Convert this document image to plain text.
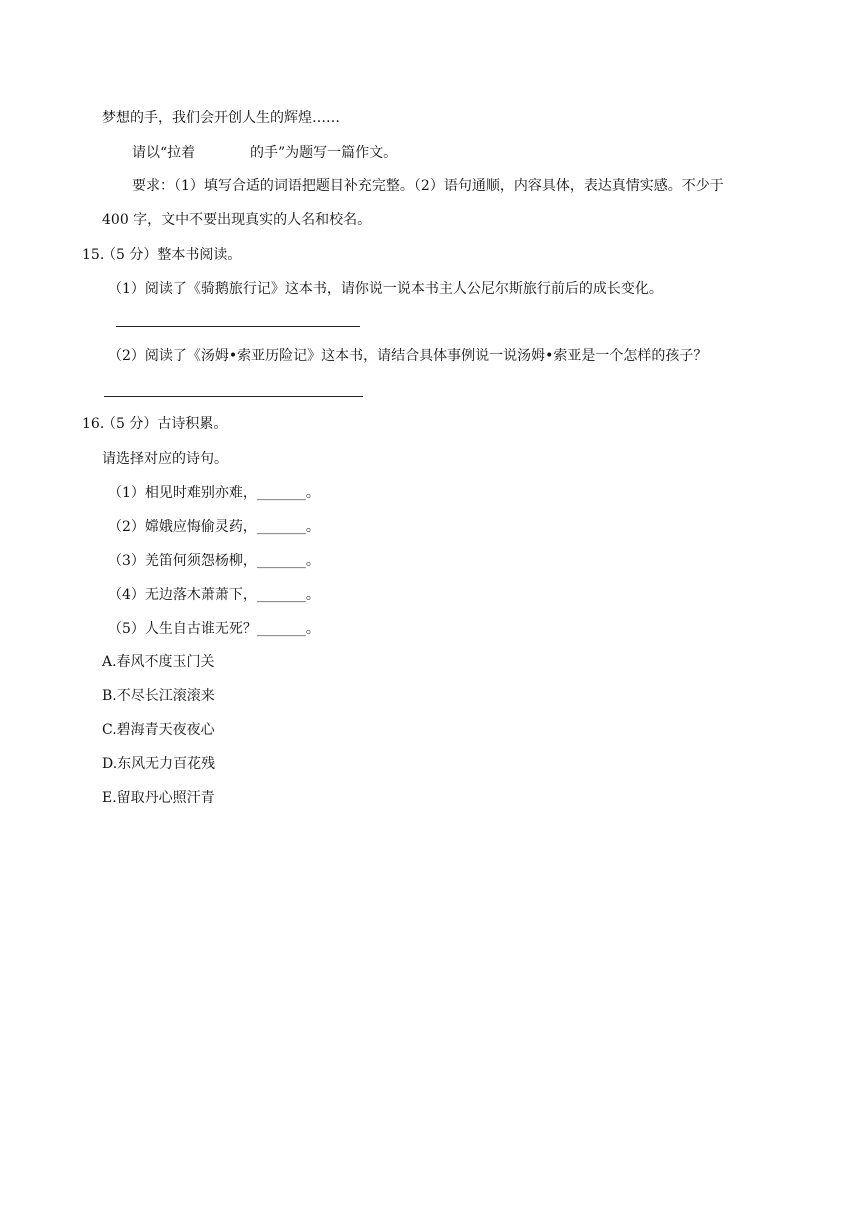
梦想的手，我们会开创人生的辉煌……
请以“拉着	的手”为题写一篇作文。
要求：（1）填写合适的词语把题目补充完整。（2）语句通顺，内容具体，表达真情实感。不少于
400 字，文中不要出现真实的人名和校名。
15.
（5 分）整本书阅读。
（1）阅读了《骑鹅旅行记》这本书，请你说一说本书主人公尼尔斯旅行前后的成长变化。
（2）阅读了《汤姆•索亚历险记》这本书，请结合具体事例说一说汤姆•索亚是一个怎样的孩子？
16.
（5 分）古诗积累。
请选择对应的诗句。
（1）相见时难别亦难，_______。
（2）嫦娥应悔偷灵药，_______。
（3）羌笛何须怨杨柳，_______。
（4）无边落木萧萧下，_______。
（5）人生自古谁无死？_______。
A.春风不度玉门关
B.不尽长江滚滚来
C.碧海青天夜夜心
D.东风无力百花残
E.留取丹心照汗青
